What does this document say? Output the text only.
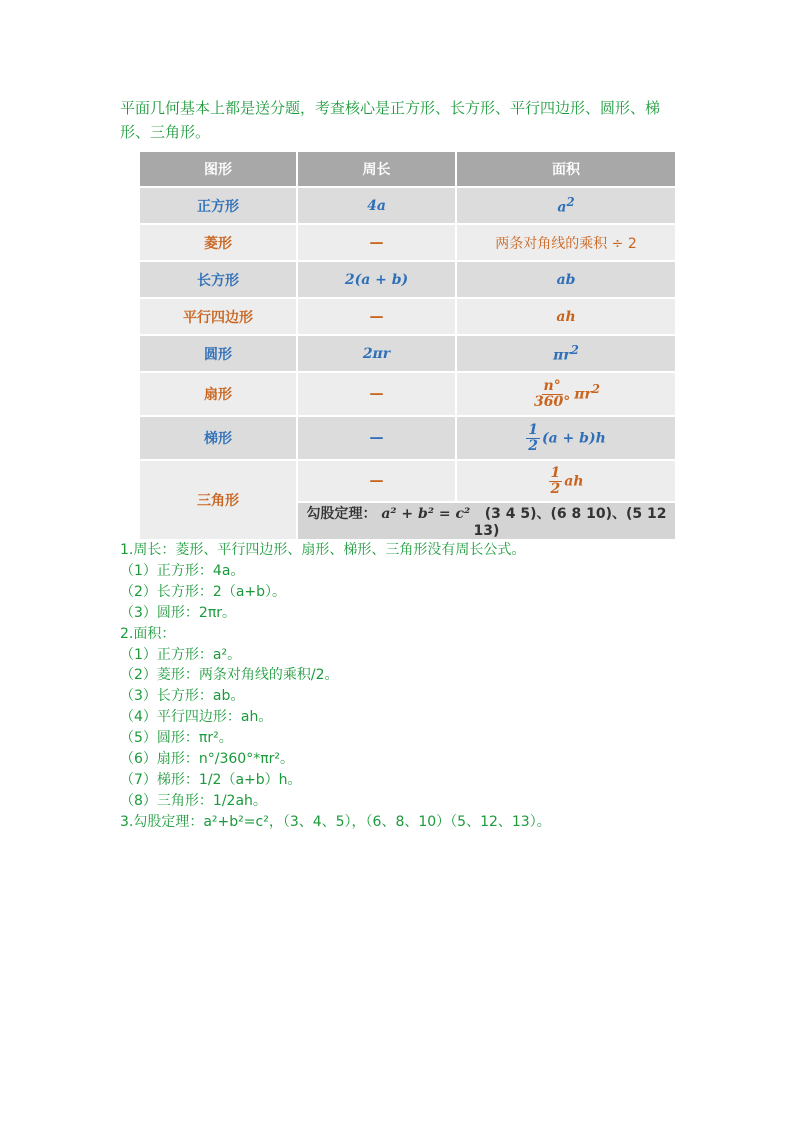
平面几何基本上都是送分题，考查核心是正方形、长方形、平行四边形、圆形、梯形、三角形。
图形	周长	面积
正方形	4a	$a^2$
菱形	—	两条对角线的乘积 ÷ 2
长方形	2(a + b)	ab
平行四边形	—	ah
圆形	2πr	$\pi r^2$
扇形	—	$\frac{n^\circ}{360^\circ} \pi r^2$
梯形	—	$\frac{1}{2} (a + b)h$
三角形	—	$\frac{1}{2}$ ah
	勾股定理： a² + b² = c² (3 4 5)、(6 8 10)、(5 12 13)	
1.周长：菱形、平行四边形、扇形、梯形、三角形没有周长公式。
（1）正方形：4a。
（2）长方形：2（a+b）。
（3）圆形：2πr。
2.面积：
（1）正方形：a²。
（2）菱形：两条对角线的乘积/2。
（3）长方形：ab。
（4）平行四边形：ah。
（5）圆形：πr²。
（6）扇形：n°/360°*πr²。
（7）梯形：1/2（a+b）h。
（8）三角形：1/2ah。
3.勾股定理：a²+b²=c²，（3、4、5），（6、8、10）（5、12、13）。
